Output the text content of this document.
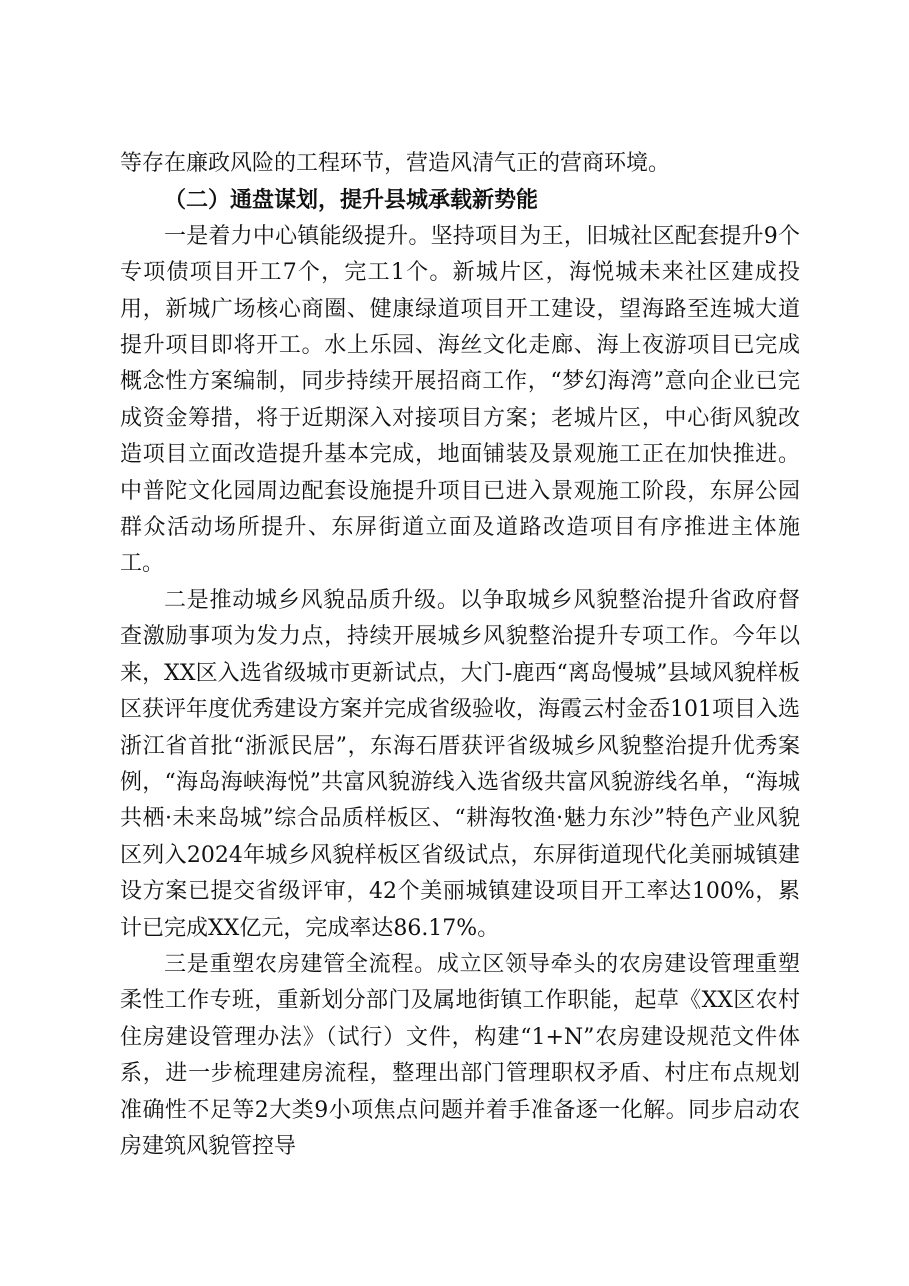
等存在廉政风险的工程环节，营造风清气正的营商环境。

（二）通盘谋划，提升县城承载新势能

一是着力中心镇能级提升。坚持项目为王，旧城社区配套提升9个专项债项目开工7个，完工1个。新城片区，海悦城未来社区建成投用，新城广场核心商圈、健康绿道项目开工建设，望海路至连城大道提升项目即将开工。水上乐园、海丝文化走廊、海上夜游项目已完成概念性方案编制，同步持续开展招商工作，“梦幻海湾”意向企业已完成资金筹措，将于近期深入对接项目方案；老城片区，中心街风貌改造项目立面改造提升基本完成，地面铺装及景观施工正在加快推进。中普陀文化园周边配套设施提升项目已进入景观施工阶段，东屏公园群众活动场所提升、东屏街道立面及道路改造项目有序推进主体施工。

二是推动城乡风貌品质升级。以争取城乡风貌整治提升省政府督查激励事项为发力点，持续开展城乡风貌整治提升专项工作。今年以来，XX区入选省级城市更新试点，大门-鹿西“离岛慢城”县域风貌样板区获评年度优秀建设方案并完成省级验收，海霞云村金岙101项目入选浙江省首批“浙派民居”，东海石厝获评省级城乡风貌整治提升优秀案例，“海岛海峡海悦”共富风貌游线入选省级共富风貌游线名单，“海城共栖·未来岛城”综合品质样板区、“耕海牧渔·魅力东沙”特色产业风貌区列入2024年城乡风貌样板区省级试点，东屏街道现代化美丽城镇建设方案已提交省级评审，42个美丽城镇建设项目开工率达100%，累计已完成XX亿元，完成率达86.17%。

三是重塑农房建管全流程。成立区领导牵头的农房建设管理重塑柔性工作专班，重新划分部门及属地街镇工作职能，起草《XX区农村住房建设管理办法》（试行）文件，构建“1+N”农房建设规范文件体系，进一步梳理建房流程，整理出部门管理职权矛盾、村庄布点规划准确性不足等2大类9小项焦点问题并着手准备逐一化解。同步启动农房建筑风貌管控导
